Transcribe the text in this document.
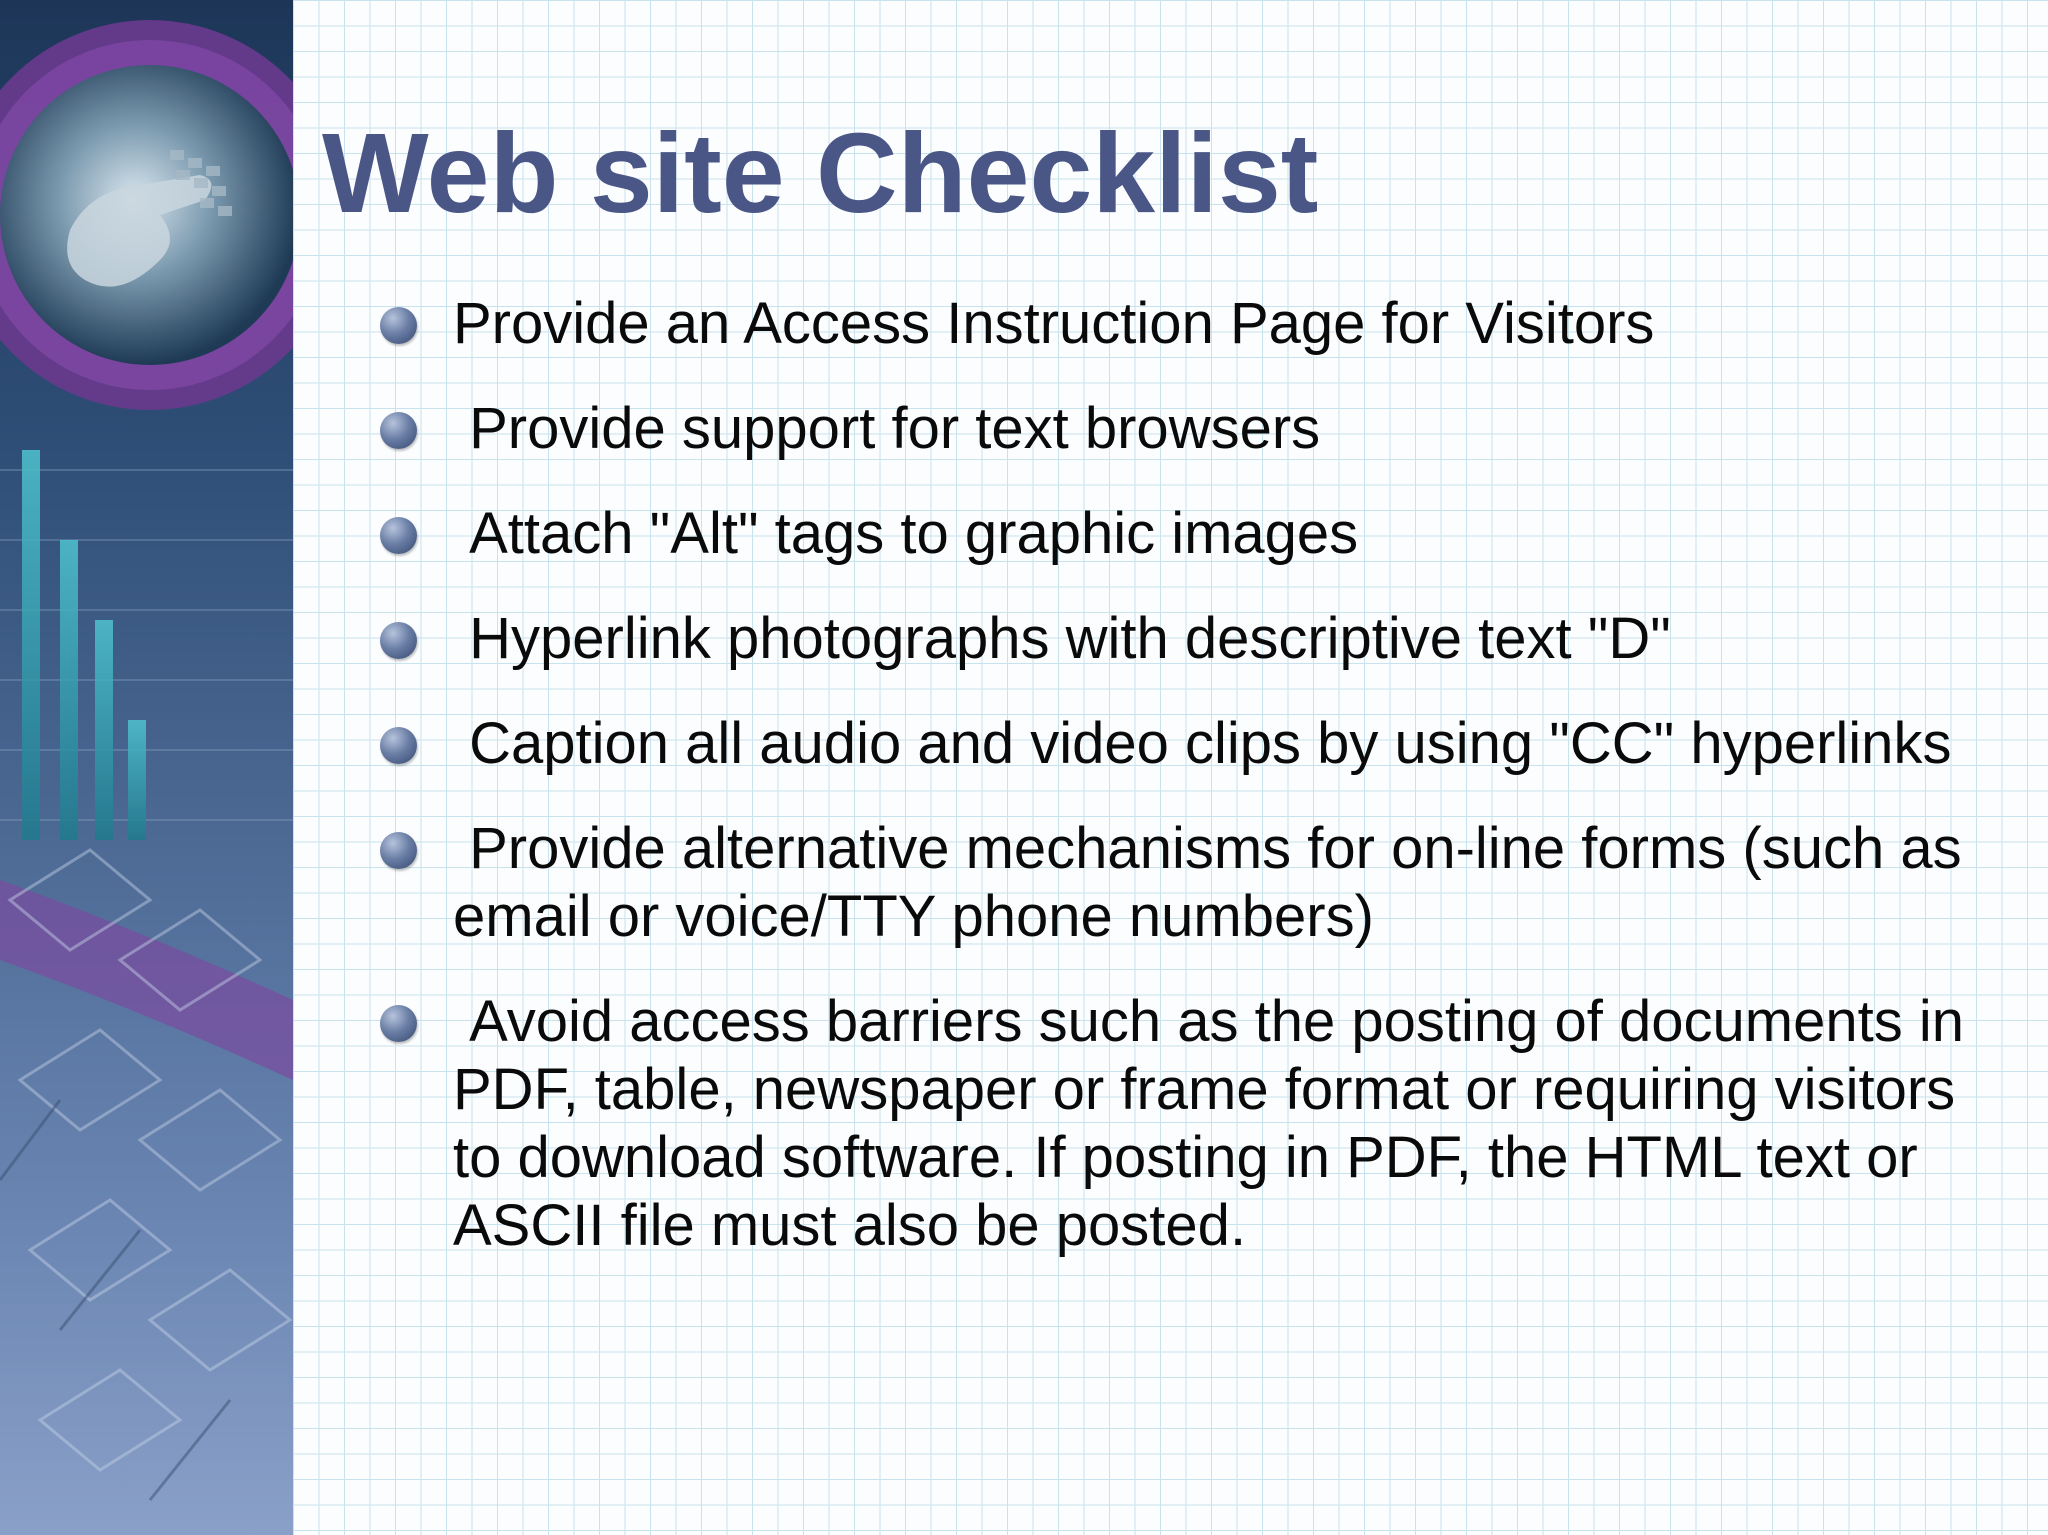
Web site Checklist
Provide an Access Instruction Page for Visitors
Provide support for text browsers
Attach "Alt" tags to graphic images
Hyperlink photographs with descriptive text "D"
Caption all audio and video clips by using "CC" hyperlinks
Provide alternative mechanisms for on-line forms (such as email or voice/TTY phone numbers)
Avoid access barriers such as the posting of documents in PDF, table, newspaper or frame format or requiring visitors to download software. If posting in PDF, the HTML text or ASCII file must also be posted.
